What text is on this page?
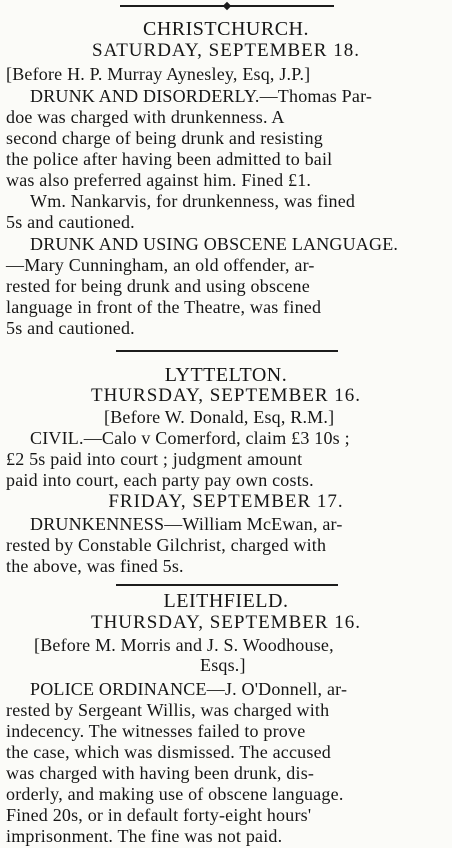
CHRISTCHURCH.
SATURDAY, SEPTEMBER 18.
[Before H. P. Murray Aynesley, Esq, J.P.]
DRUNK AND DISORDERLY.—Thomas Par-
doe was charged with drunkenness. A
second charge of being drunk and resisting
the police after having been admitted to bail
was also preferred against him. Fined £1.
Wm. Nankarvis, for drunkenness, was fined
5s and cautioned.
DRUNK AND USING OBSCENE LANGUAGE.
—Mary Cunningham, an old offender, ar-
rested for being drunk and using obscene
language in front of the Theatre, was fined
5s and cautioned.
LYTTELTON.
THURSDAY, SEPTEMBER 16.
[Before W. Donald, Esq, R.M.]
CIVIL.—Calo v Comerford, claim £3 10s ;
£2 5s paid into court ; judgment amount
paid into court, each party pay own costs.
FRIDAY, SEPTEMBER 17.
DRUNKENNESS—William McEwan, ar-
rested by Constable Gilchrist, charged with
the above, was fined 5s.
LEITHFIELD.
THURSDAY, SEPTEMBER 16.
[Before M. Morris and J. S. Woodhouse,
Esqs.]
POLICE ORDINANCE—J. O'Donnell, ar-
rested by Sergeant Willis, was charged with
indecency. The witnesses failed to prove
the case, which was dismissed. The accused
was charged with having been drunk, dis-
orderly, and making use of obscene language.
Fined 20s, or in default forty-eight hours'
imprisonment. The fine was not paid.
